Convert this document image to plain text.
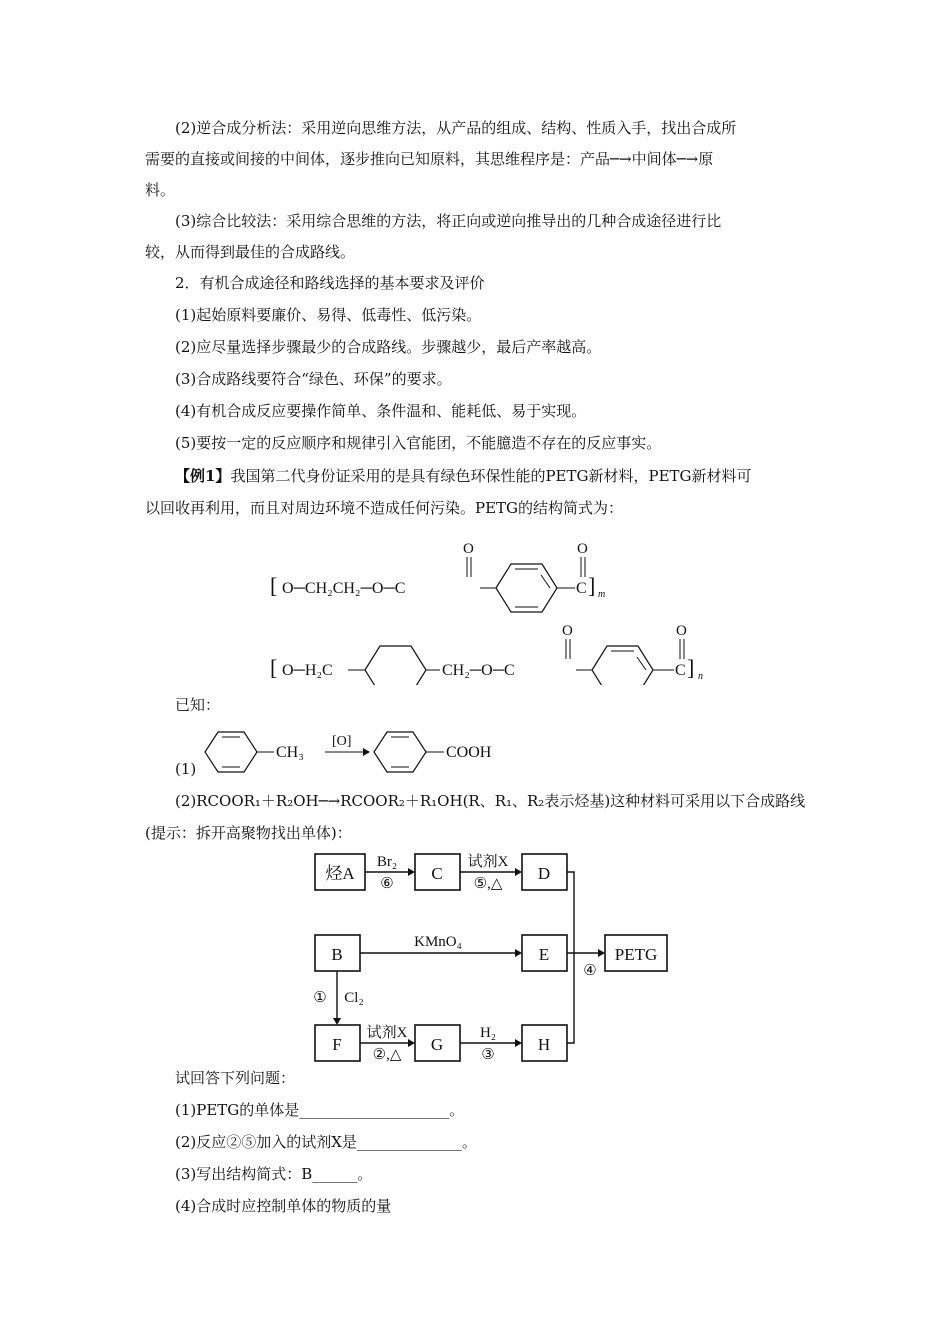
(2)逆合成分析法：采用逆向思维方法，从产品的组成、结构、性质入手，找出合成所
需要的直接或间接的中间体，逐步推向已知原料，其思维程序是：产品─→中间体─→原
料。
(3)综合比较法：采用综合思维的方法，将正向或逆向推导出的几种合成途径进行比
较，从而得到最佳的合成路线。
2．有机合成途径和路线选择的基本要求及评价
(1)起始原料要廉价、易得、低毒性、低污染。
(2)应尽量选择步骤最少的合成路线。步骤越少，最后产率越高。
(3)合成路线要符合“绿色、环保”的要求。
(4)有机合成反应要操作简单、条件温和、能耗低、易于实现。
(5)要按一定的反应顺序和规律引入官能团，不能臆造不存在的反应事实。
【例1】我国第二代身份证采用的是具有绿色环保性能的PETG新材料，PETG新材料可
以回收再利用，而且对周边环境不造成任何污染。PETG的结构简式为：
[ O─CH₂CH₂─O─C
O	O
C ] m
[ O─H₂C	CH₂─O─C
O	O
C ] n
已知：
(1)
CH₃
[O]
COOH
(2)RCOOR₁＋R₂OH─→RCOOR₂＋R₁OH(R、R₁、R₂表示烃基)这种材料可采用以下合成路线
(提示：拆开高聚物找出单体)：
烃A	C	D
B	E	PETG
F	G	H
Br₂
⑥
试剂X
⑤,△
KMnO₄
④
① Cl₂
试剂X
②,△
H₂
③
试回答下列问题：
(1)PETG的单体是____________________。
(2)反应②⑤加入的试剂X是______________。
(3)写出结构简式：B______。
(4)合成时应控制单体的物质的量
